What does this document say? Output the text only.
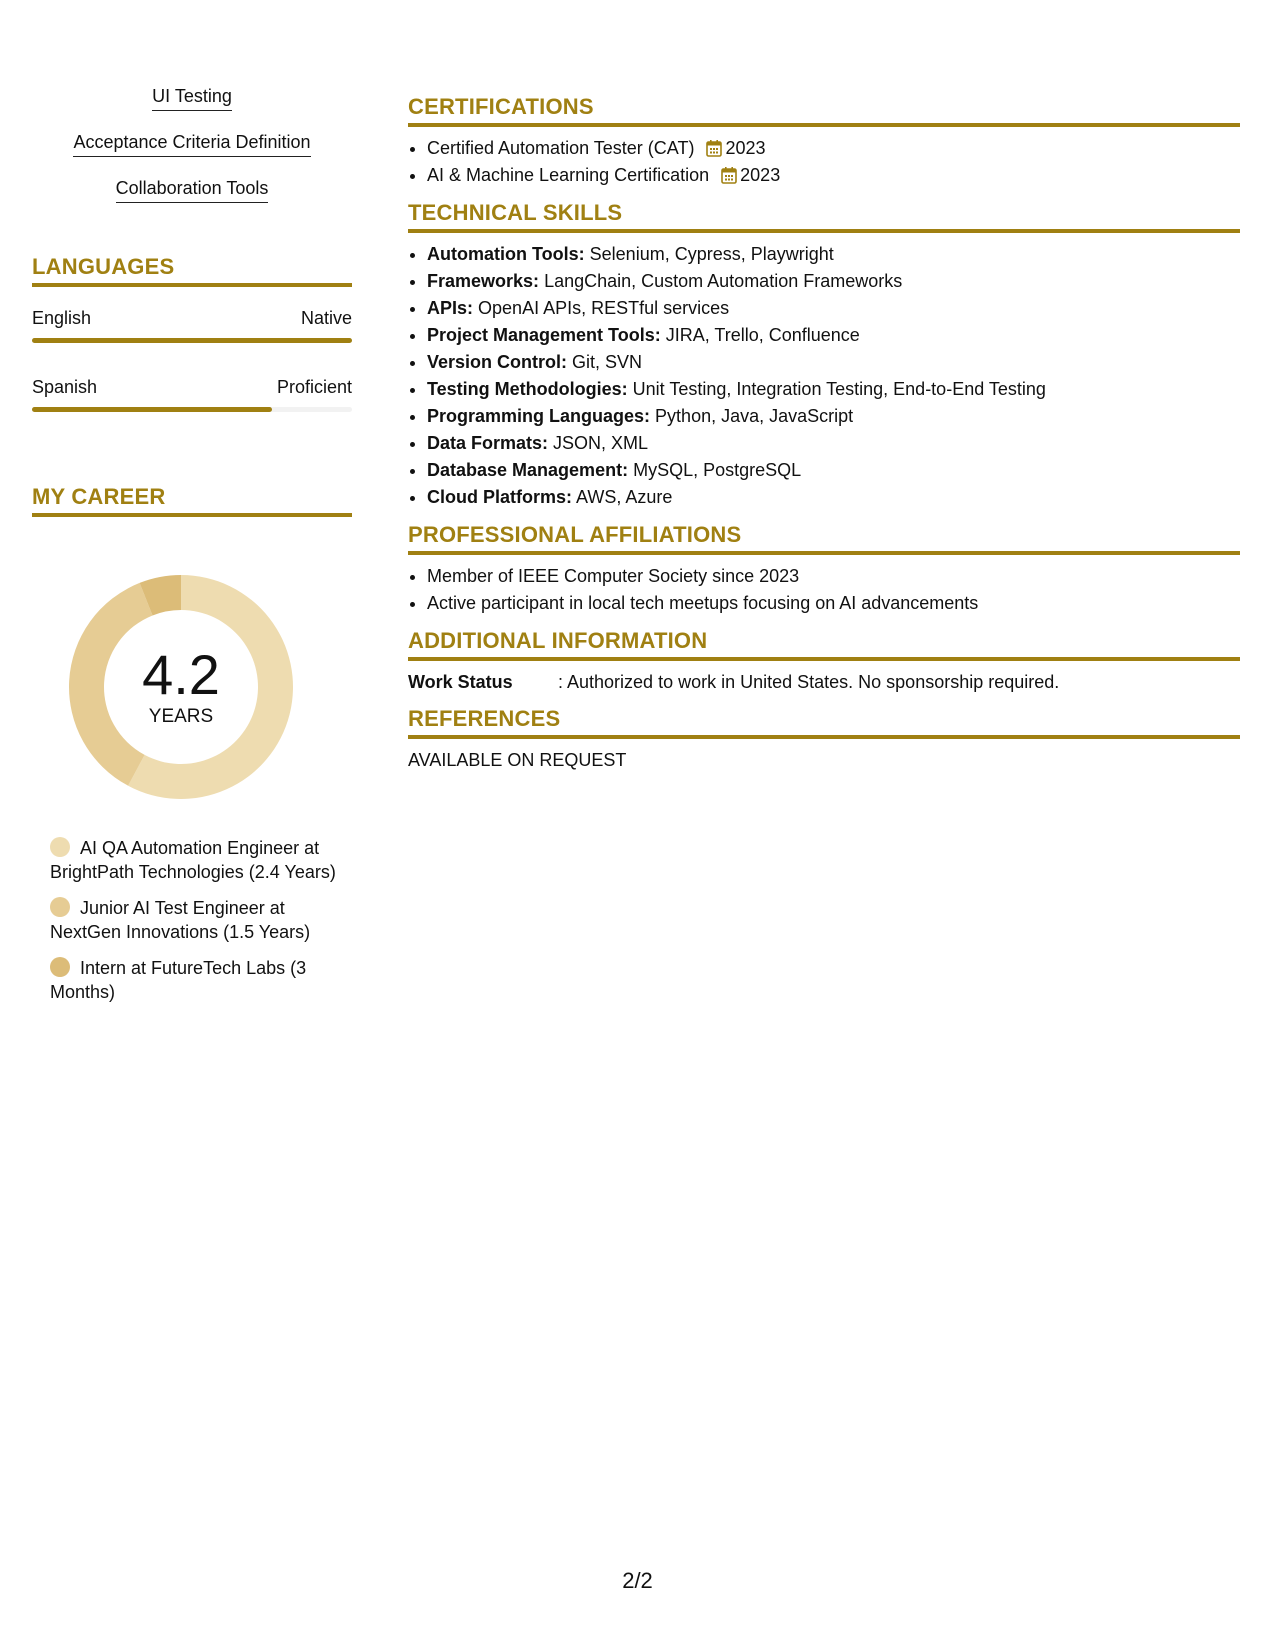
UI Testing
Acceptance Criteria Definition
Collaboration Tools
LANGUAGES
English	Native
Spanish	Proficient
MY CAREER
4.2
YEARS
AI QA Automation Engineer at BrightPath Technologies (2.4 Years)
Junior AI Test Engineer at NextGen Innovations (1.5 Years)
Intern at FutureTech Labs (3 Months)
CERTIFICATIONS
• Certified Automation Tester (CAT) 2023
• AI & Machine Learning Certification 2023
TECHNICAL SKILLS
• Automation Tools: Selenium, Cypress, Playwright
• Frameworks: LangChain, Custom Automation Frameworks
• APIs: OpenAI APIs, RESTful services
• Project Management Tools: JIRA, Trello, Confluence
• Version Control: Git, SVN
• Testing Methodologies: Unit Testing, Integration Testing, End-to-End Testing
• Programming Languages: Python, Java, JavaScript
• Data Formats: JSON, XML
• Database Management: MySQL, PostgreSQL
• Cloud Platforms: AWS, Azure
PROFESSIONAL AFFILIATIONS
• Member of IEEE Computer Society since 2023
• Active participant in local tech meetups focusing on AI advancements
ADDITIONAL INFORMATION
Work Status	: Authorized to work in United States. No sponsorship required.
REFERENCES
AVAILABLE ON REQUEST
2/2
